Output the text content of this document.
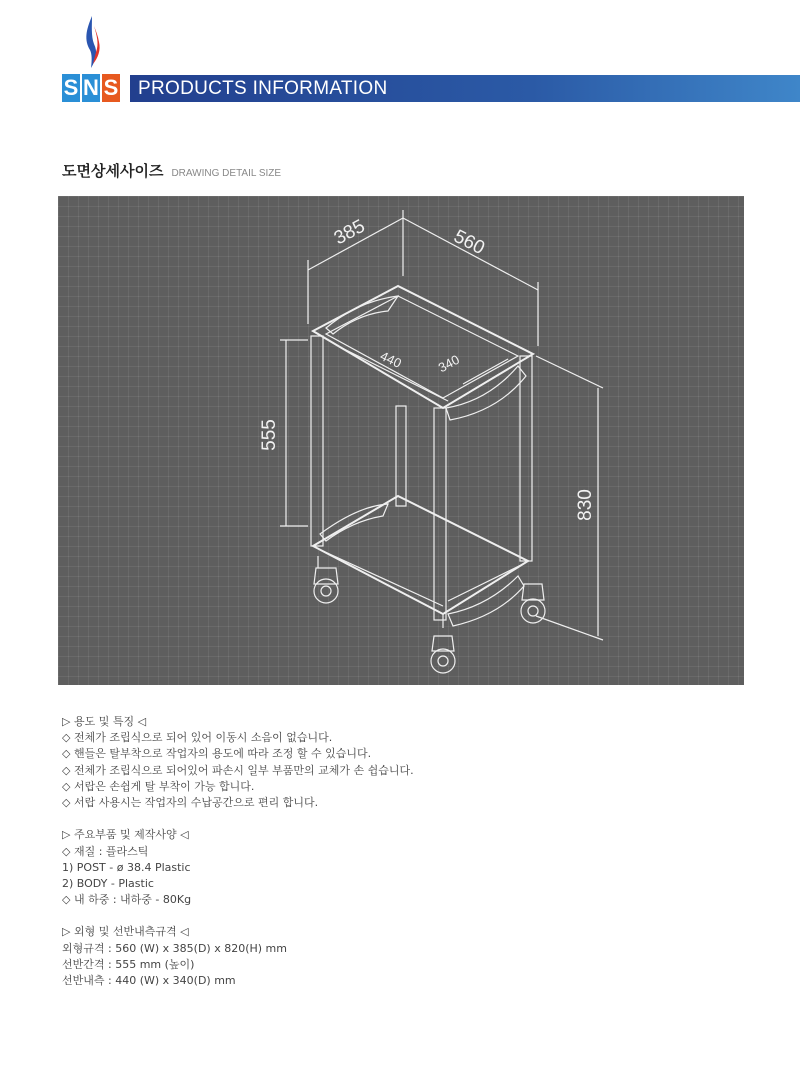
S N S PRODUCTS INFORMATION
도면상세사이즈 DRAWING DETAIL SIZE
385	560
440 340
555
830
▷ 용도 및 특징 ◁
◇ 전체가 조립식으로 되어 있어 이동시 소음이 없습니다.
◇ 핸들은 탈부착으로 작업자의 용도에 따라 조정 할 수 있습니다.
◇ 전체가 조립식으로 되어있어 파손시 일부 부품만의 교체가 손 쉽습니다.
◇ 서랍은 손쉽게 탈 부착이 가능 합니다.
◇ 서랍 사용시는 작업자의 수납공간으로 편리 합니다.
▷ 주요부품 및 제작사양 ◁
◇ 재질 : 플라스틱
1) POST - ø 38.4 Plastic
2) BODY - Plastic
◇ 내 하중 : 내하중 - 80Kg
▷ 외형 및 선반내측규격 ◁
외형규격 : 560 (W) x 385(D) x 820(H) mm
선반간격 : 555 mm (높이)
선반내측 : 440 (W) x 340(D) mm
